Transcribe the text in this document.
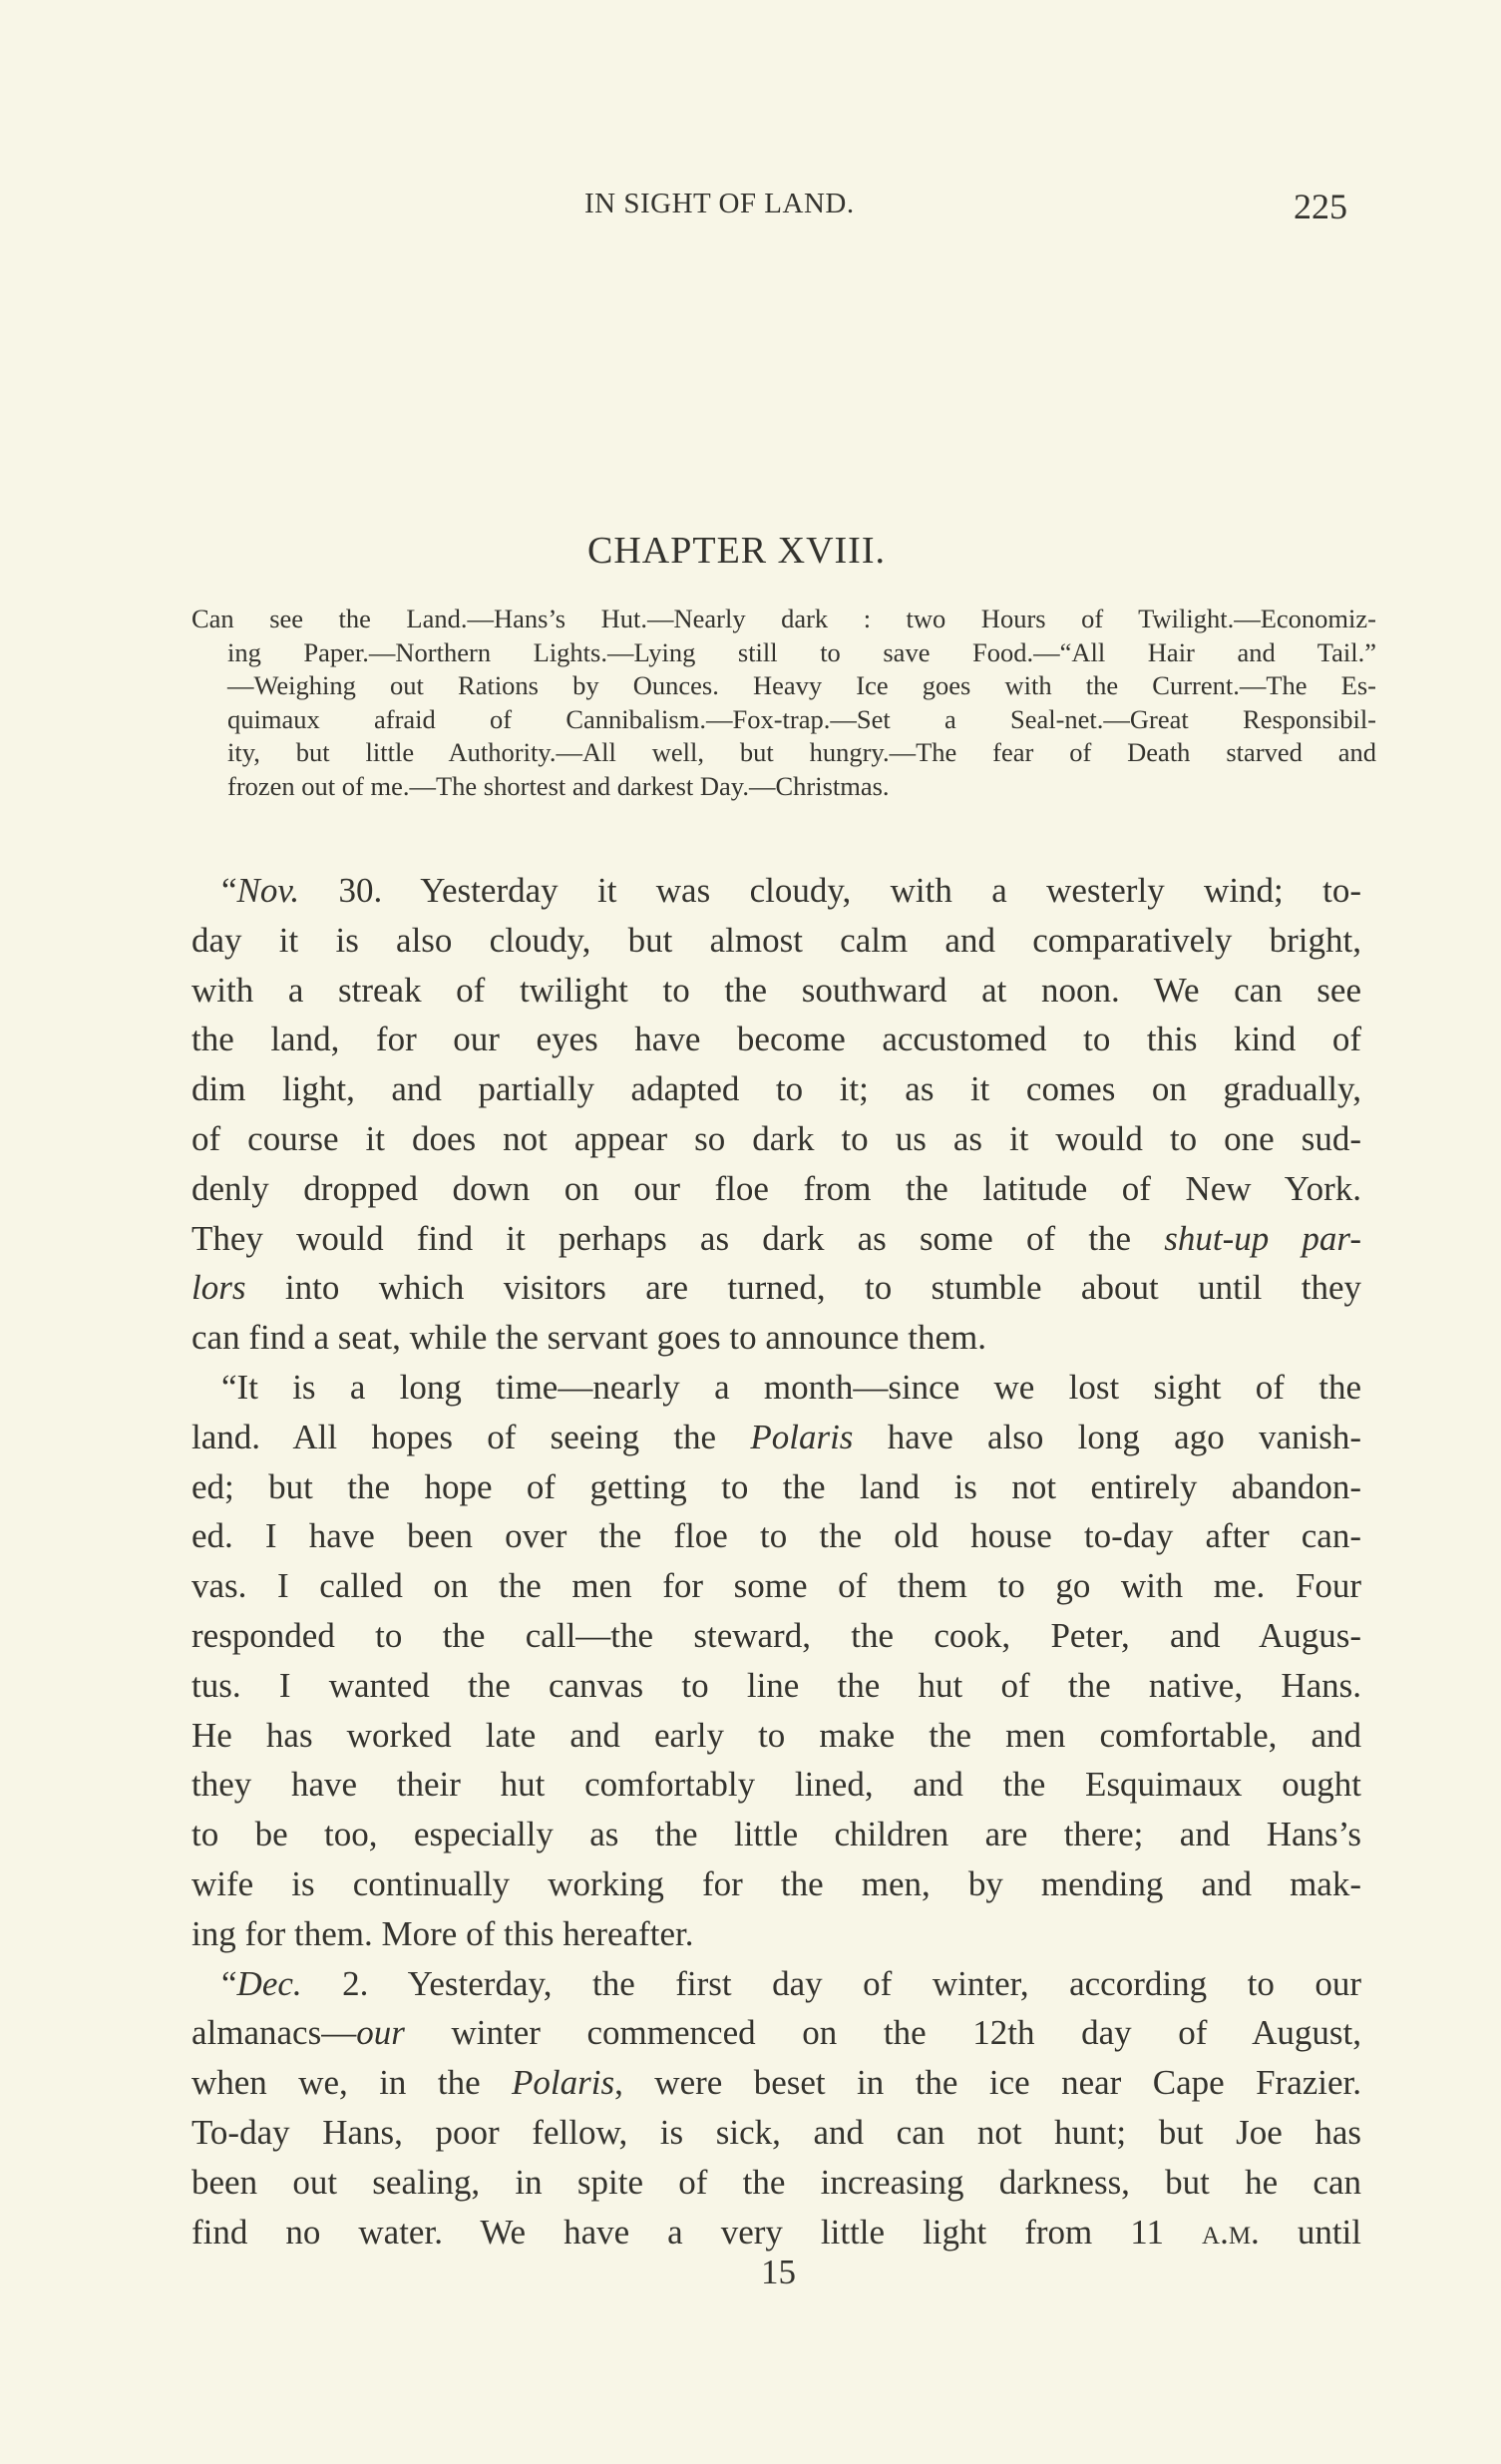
IN SIGHT OF LAND.	225
CHAPTER XVIII.
Can see the Land.—Hans’s Hut.—Nearly dark : two Hours of Twilight.—Economiz-
ing Paper.—Northern Lights.—Lying still to save Food.—“All Hair and Tail.”
—Weighing out Rations by Ounces. Heavy Ice goes with the Current.—The Es-
quimaux afraid of Cannibalism.—Fox-trap.—Set a Seal-net.—Great Responsibil-
ity, but little Authority.—All well, but hungry.—The fear of Death starved and
frozen out of me.—The shortest and darkest Day.—Christmas.
“Nov. 30. Yesterday it was cloudy, with a westerly wind; to-
day it is also cloudy, but almost calm and comparatively bright,
with a streak of twilight to the southward at noon. We can see
the land, for our eyes have become accustomed to this kind of
dim light, and partially adapted to it; as it comes on gradually,
of course it does not appear so dark to us as it would to one sud-
denly dropped down on our floe from the latitude of New York.
They would find it perhaps as dark as some of the shut-up par-
lors into which visitors are turned, to stumble about until they
can find a seat, while the servant goes to announce them.
“It is a long time—nearly a month—since we lost sight of the
land. All hopes of seeing the Polaris have also long ago vanish-
ed; but the hope of getting to the land is not entirely abandon-
ed. I have been over the floe to the old house to-day after can-
vas. I called on the men for some of them to go with me. Four
responded to the call—the steward, the cook, Peter, and Augus-
tus. I wanted the canvas to line the hut of the native, Hans.
He has worked late and early to make the men comfortable, and
they have their hut comfortably lined, and the Esquimaux ought
to be too, especially as the little children are there; and Hans’s
wife is continually working for the men, by mending and mak-
ing for them. More of this hereafter.
“Dec. 2. Yesterday, the first day of winter, according to our
almanacs—our winter commenced on the 12th day of August,
when we, in the Polaris, were beset in the ice near Cape Frazier.
To-day Hans, poor fellow, is sick, and can not hunt; but Joe has
been out sealing, in spite of the increasing darkness, but he can
find no water. We have a very little light from 11 a.m. until
15
